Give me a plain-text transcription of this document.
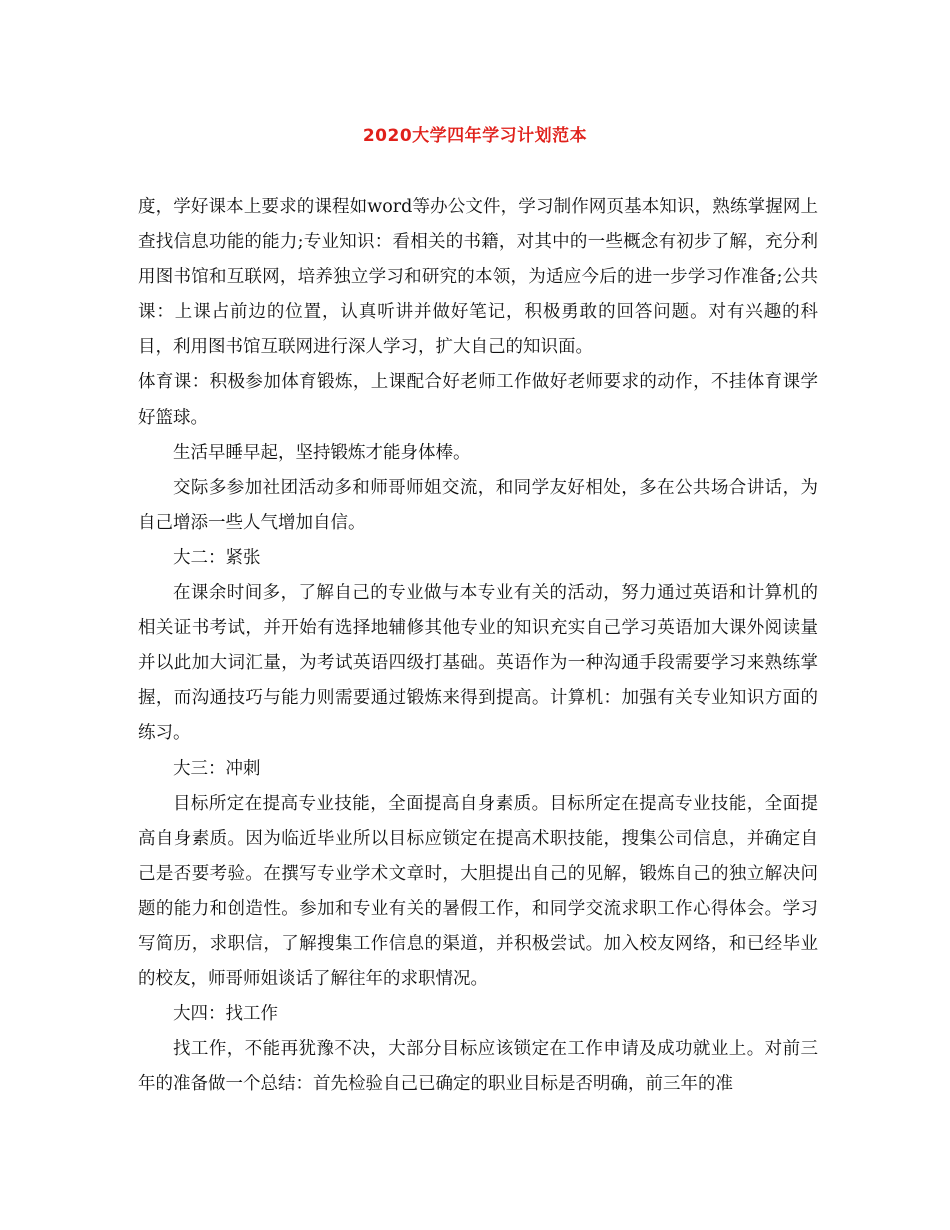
2020大学四年学习计划范本

度，学好课本上要求的课程如word等办公文件，学习制作网页基本知识，熟练掌握网上查找信息功能的能力;专业知识：看相关的书籍，对其中的一些概念有初步了解，充分利用图书馆和互联网，培养独立学习和研究的本领，为适应今后的进一步学习作准备;公共课：上课占前边的位置，认真听讲并做好笔记，积极勇敢的回答问题。对有兴趣的科目，利用图书馆互联网进行深人学习，扩大自己的知识面。

体育课：积极参加体育锻炼，上课配合好老师工作做好老师要求的动作，不挂体育课学好篮球。

生活早睡早起，坚持锻炼才能身体棒。

交际多参加社团活动多和师哥师姐交流，和同学友好相处，多在公共场合讲话，为自己增添一些人气增加自信。

大二：紧张

在课余时间多，了解自己的专业做与本专业有关的活动，努力通过英语和计算机的相关证书考试，并开始有选择地辅修其他专业的知识充实自己学习英语加大课外阅读量并以此加大词汇量，为考试英语四级打基础。英语作为一种沟通手段需要学习来熟练掌握，而沟通技巧与能力则需要通过锻炼来得到提高。计算机：加强有关专业知识方面的练习。

大三：冲刺

目标所定在提高专业技能，全面提高自身素质。目标所定在提高专业技能，全面提高自身素质。因为临近毕业所以目标应锁定在提高术职技能，搜集公司信息，并确定自己是否要考验。在撰写专业学术文章时，大胆提出自己的见解，锻炼自己的独立解决问题的能力和创造性。参加和专业有关的暑假工作，和同学交流求职工作心得体会。学习写简历，求职信，了解搜集工作信息的渠道，并积极尝试。加入校友网络，和已经毕业的校友，师哥师姐谈话了解往年的求职情况。

大四：找工作

找工作，不能再犹豫不决，大部分目标应该锁定在工作申请及成功就业上。对前三年的准备做一个总结：首先检验自己已确定的职业目标是否明确，前三年的准
